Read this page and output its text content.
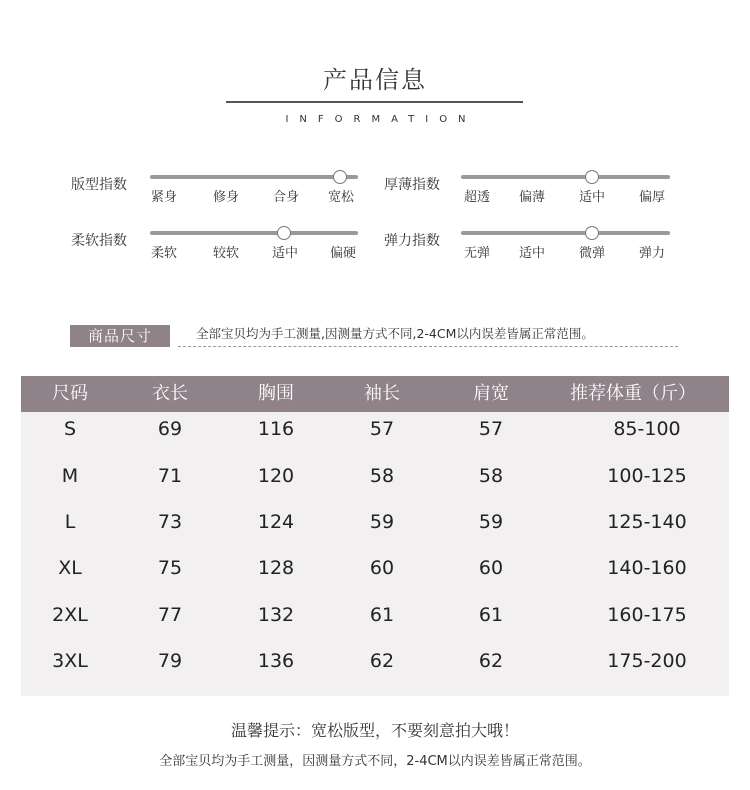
产品信息
INFORMATION
版型指数
紧身	修身	合身 宽松
厚薄指数
超透 偏薄	适中	偏厚
柔软指数
柔软	较软	适中 偏硬
弹力指数
无弹 适中	微弹	弹力
商品尺寸	全部宝贝均为手工测量,因测量方式不同,2-4CM以内误差皆属正常范围。
尺码	衣长	胸围	袖长	肩宽	推荐体重（斤）
S	69	116	57	57	85-100
M	71	120	58	58	100-125
L	73	124	59	59	125-140
XL	75	128	60	60	140-160
2XL	77	132	61	61	160-175
3XL	79	136	62	62	175-200
温馨提示：宽松版型，不要刻意拍大哦！
全部宝贝均为手工测量，因测量方式不同，2-4CM以内误差皆属正常范围。
